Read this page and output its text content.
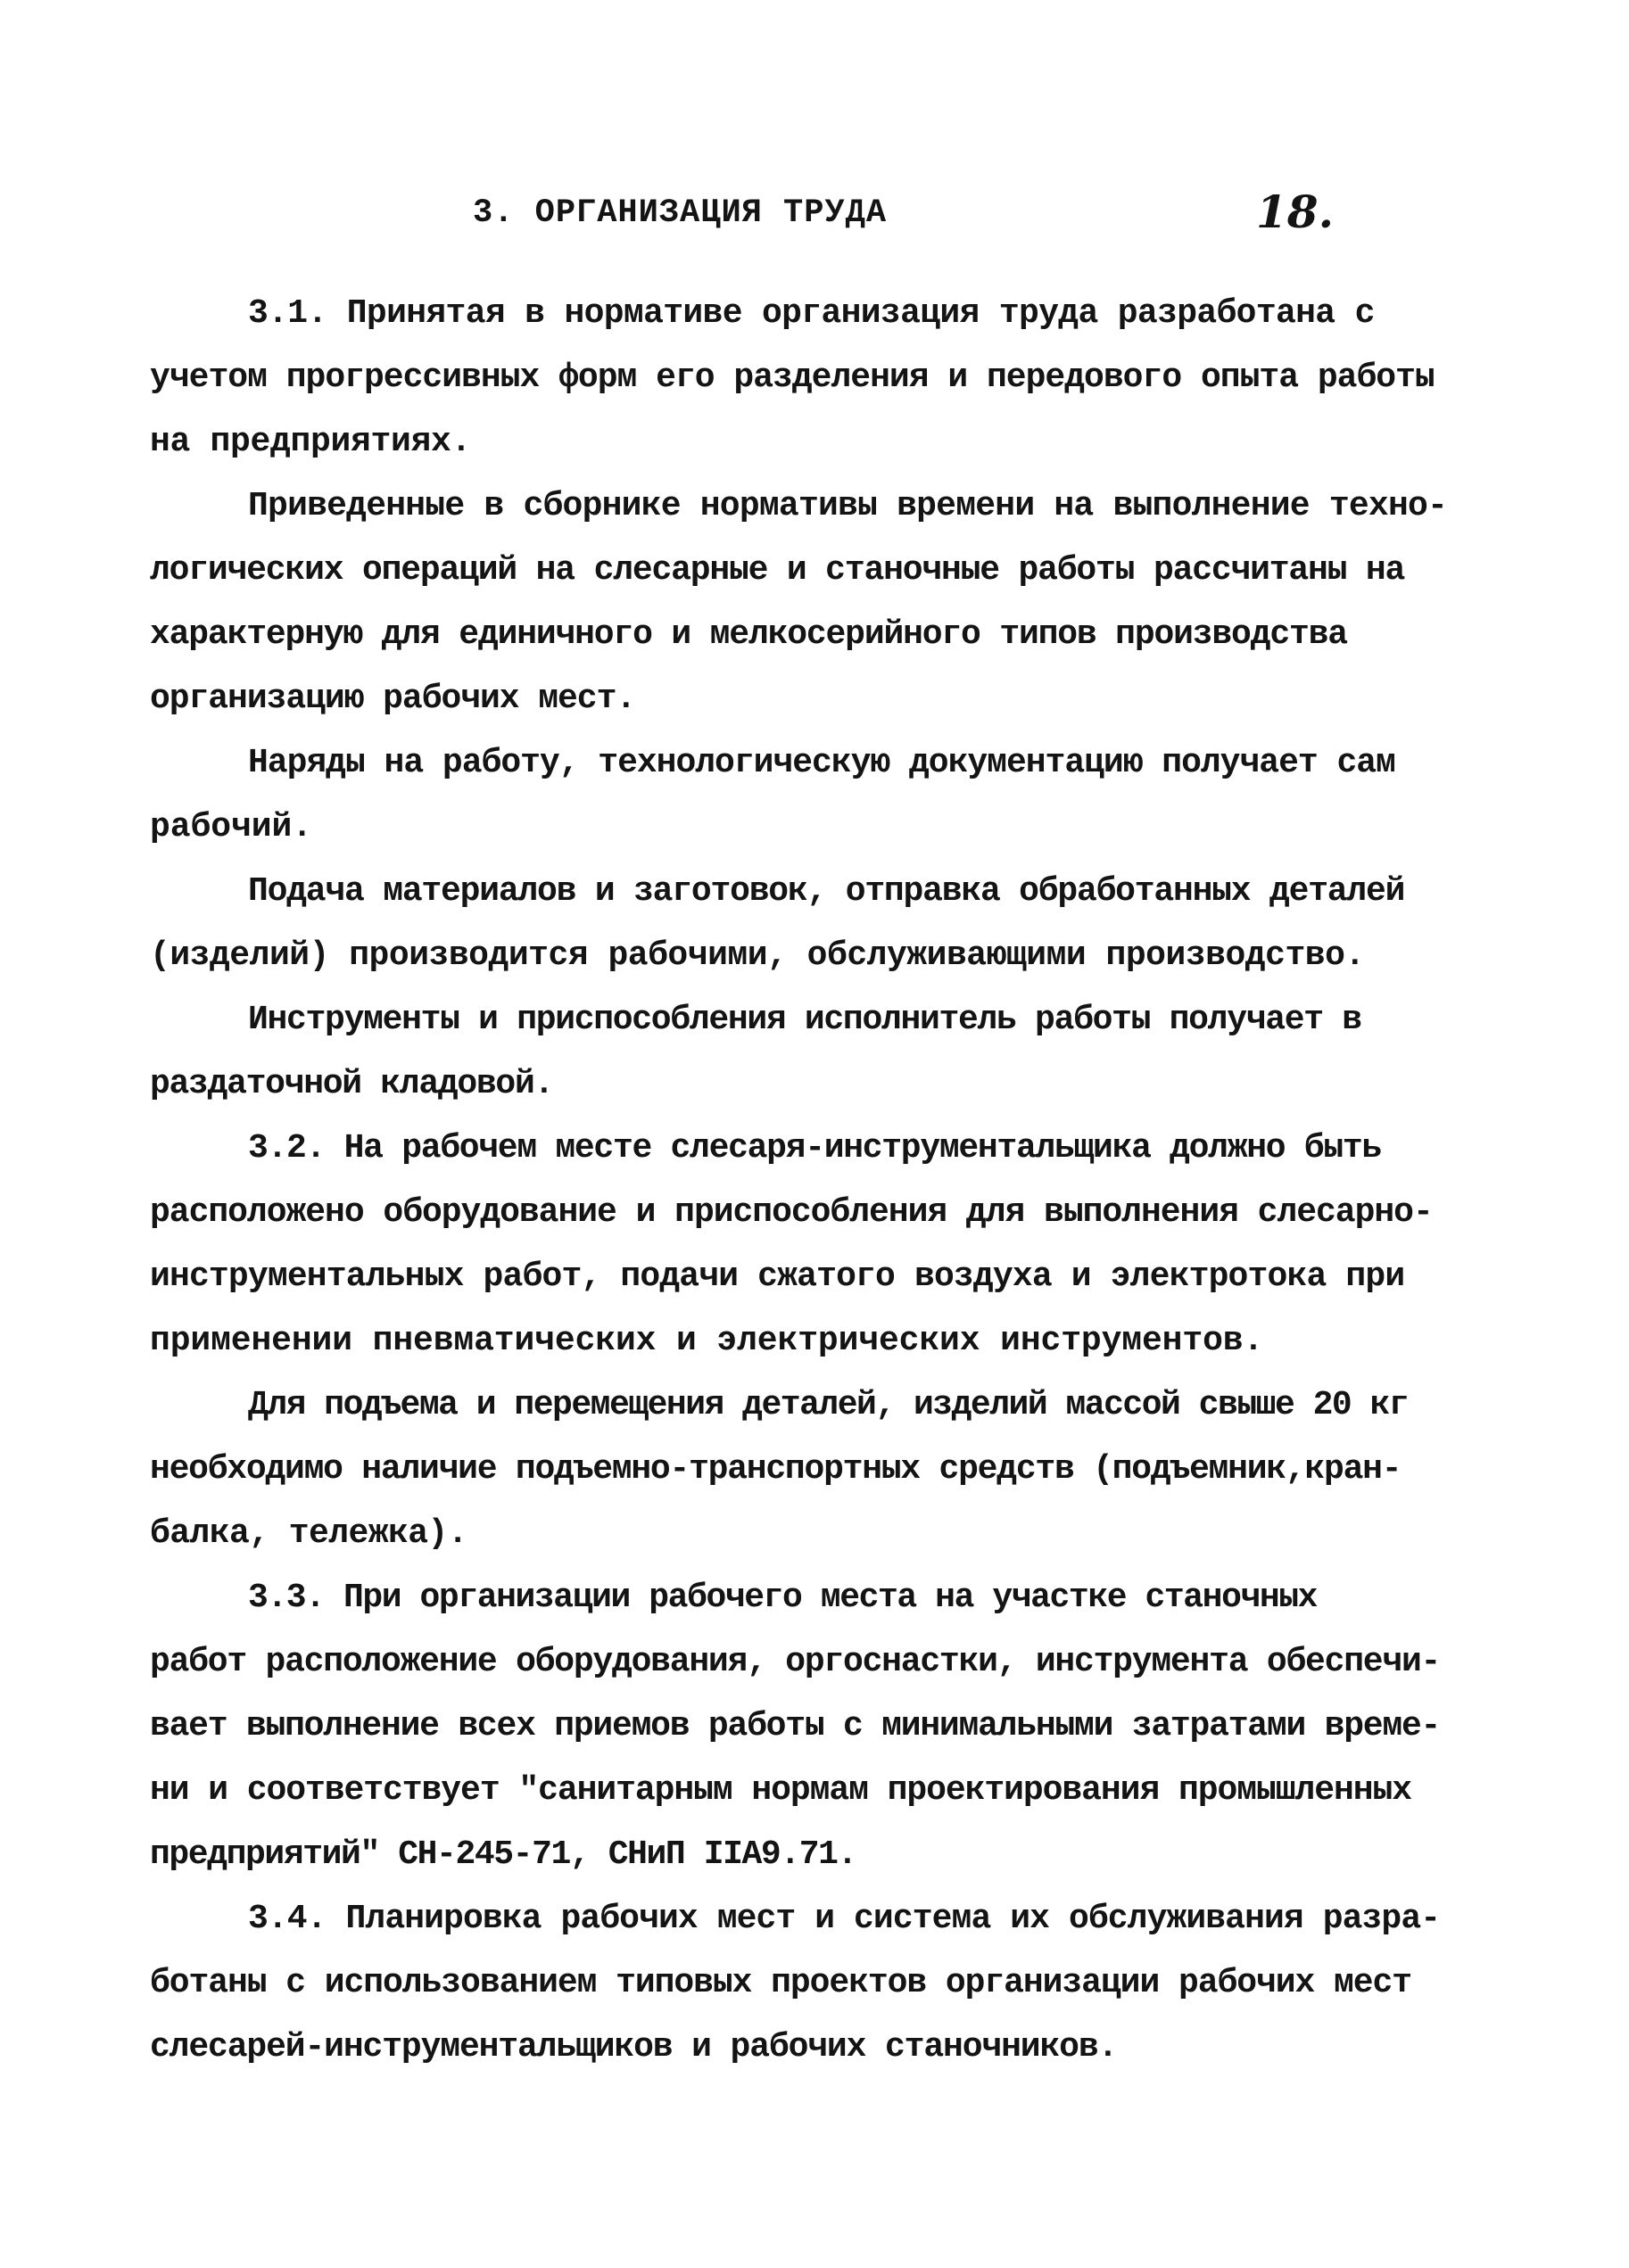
3. ОРГАНИЗАЦИЯ ТРУДА	18.
3.1. Принятая в нормативе организация труда разработана с
учетом прогрессивных форм его разделения и передового опыта работы
на предприятиях.
Приведенные в сборнике нормативы времени на выполнение техно-
логических операций на слесарные и станочные работы рассчитаны на
характерную для единичного и мелкосерийного типов производства
организацию рабочих мест.
Наряды на работу, технологическую документацию получает сам
рабочий.
Подача материалов и заготовок, отправка обработанных деталей
(изделий) производится рабочими, обслуживающими производство.
Инструменты и приспособления исполнитель работы получает в
раздаточной кладовой.
3.2. На рабочем месте слесаря-инструментальщика должно быть
расположено оборудование и приспособления для выполнения слесарно-
инструментальных работ, подачи сжатого воздуха и электротока при
применении пневматических и электрических инструментов.
Для подъема и перемещения деталей, изделий массой свыше 20 кг
необходимо наличие подъемно-транспортных средств (подъемник,кран-
балка, тележка).
3.3. При организации рабочего места на участке станочных
работ расположение оборудования, оргоснастки, инструмента обеспечи-
вает выполнение всех приемов работы с минимальными затратами време-
ни и соответствует "санитарным нормам проектирования промышленных
предприятий" СН-245-71, СНиП IIА9.71.
3.4. Планировка рабочих мест и система их обслуживания разра-
ботаны с использованием типовых проектов организации рабочих мест
слесарей-инструментальщиков и рабочих станочников.
